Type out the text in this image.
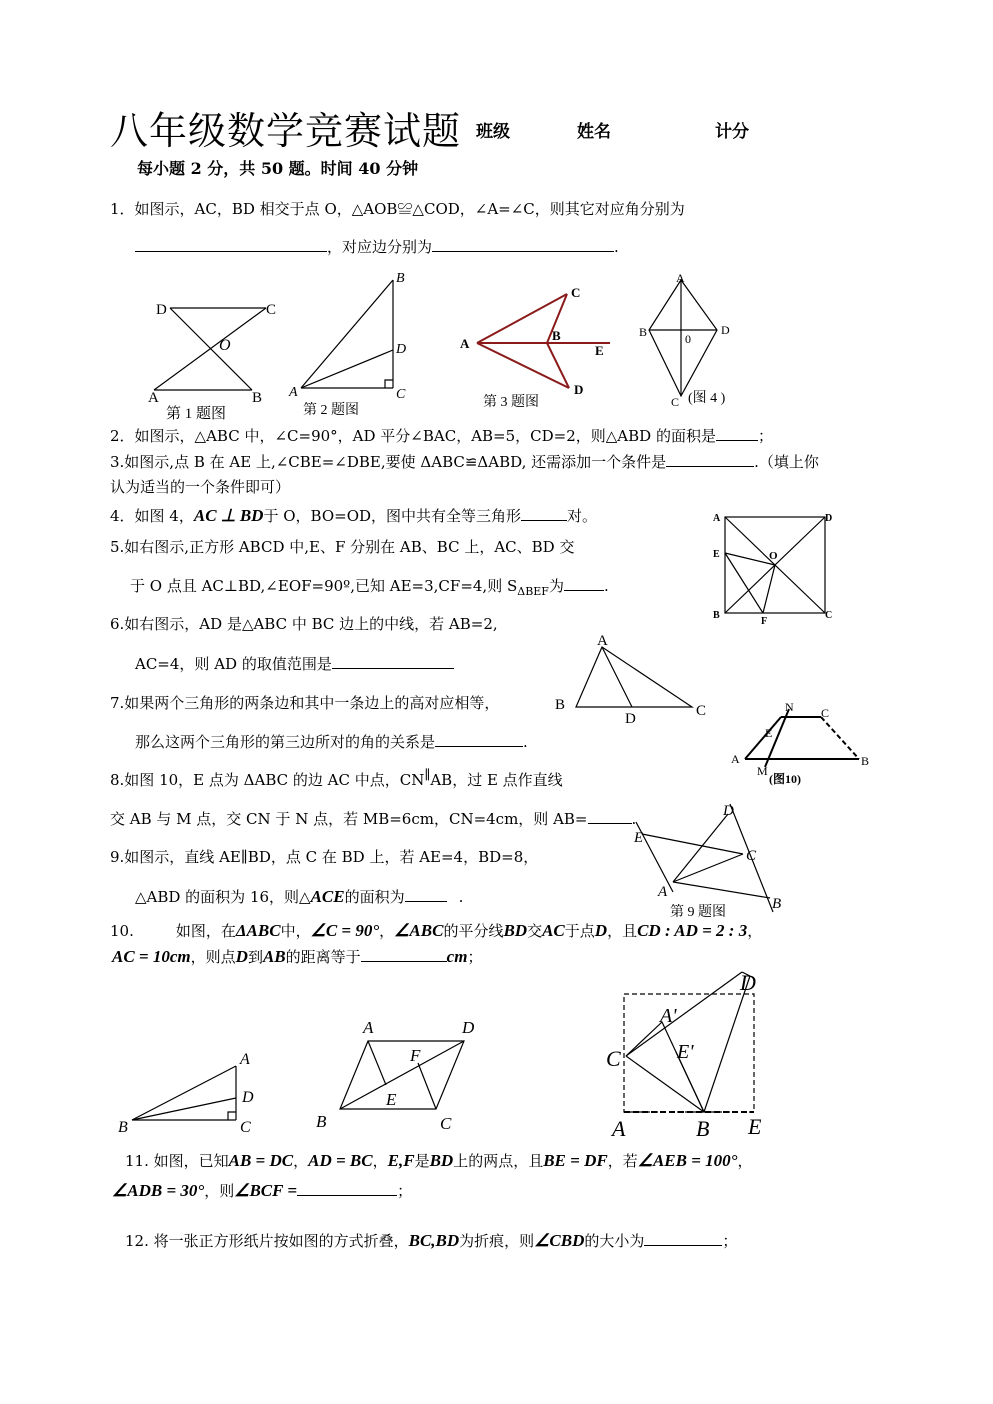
八年级数学竞赛试题 班级	姓名	计分
每小题 2 分，共 50 题。时间 40 分钟
1．如图示，AC，BD 相交于点 O，△AOB≌△COD，∠A=∠C，则其它对应角分别为
，对应边分别为	.
D	C
O
A	B
第 1 题图
B
D
A	C
第 2 题图
C
A
B
E
D
第 3 题图
A
B	0
D
C (图 4 )
2．如图示，△ABC 中，∠C=90°，AD 平分∠BAC，AB=5，CD=2，则△ABD 的面积是	；
3.如图示,点 B 在 AE 上,∠CBE=∠DBE,要使 ΔABC≌ΔABD, 还需添加一个条件是	.（填上你
认为适当的一个条件即可）
4．如图 4，AC ⊥ BD于 O，BO=OD，图中共有全等三角形	对。	A	D
E	O
B
F
C
5.如右图示,正方形 ABCD 中,E、F 分别在 AB、BC 上，AC、BD 交
于 O 点且 AC⊥BD,∠EOF=90º,已知 AE=3,CF=4,则 $S_{\Delta BEF}$为	.
6.如右图示，AD 是△ABC 中 BC 边上的中线，若 AB=2,
AC=4，则 AD 的取值范围是
A
B
D	C
7.如果两个三角形的两条边和其中一条边上的高对应相等，
那么这两个三角形的第三边所对的角的关系是	.
N C
E
A
M
B
(图10)
8.如图 10，E 点为 ΔABC 的边 AC 中点，CN∥AB，过 E 点作直线
交 AB 与 M 点，交 CN 于 N 点，若 MB=6cm，CN=4cm，则 AB=	.
9.如图示，直线 AE∥BD，点 C 在 BD 上，若 AE=4，BD=8，
△ABD 的面积为 16，则△ACE的面积为	.
D
E
C
A
B
第 9 题图
10.	如图，在ΔABC中，∠C = 90°，∠ABC的平分线BD交AC于点D，且CD : AD = 2 : 3，
AC = 10cm，则点D到AB的距离等于	cm；
A
D
B	C
A	D
F
E
B	C
D
A'
C	E'
A	B E
11. 如图，已知AB = DC，AD = BC，E,F是BD上的两点，且BE = DF，若∠AEB = 100°，
∠ADB = 30°，则∠BCF =	；
12. 将一张正方形纸片按如图的方式折叠，BC,BD为折痕，则∠CBD的大小为	；
